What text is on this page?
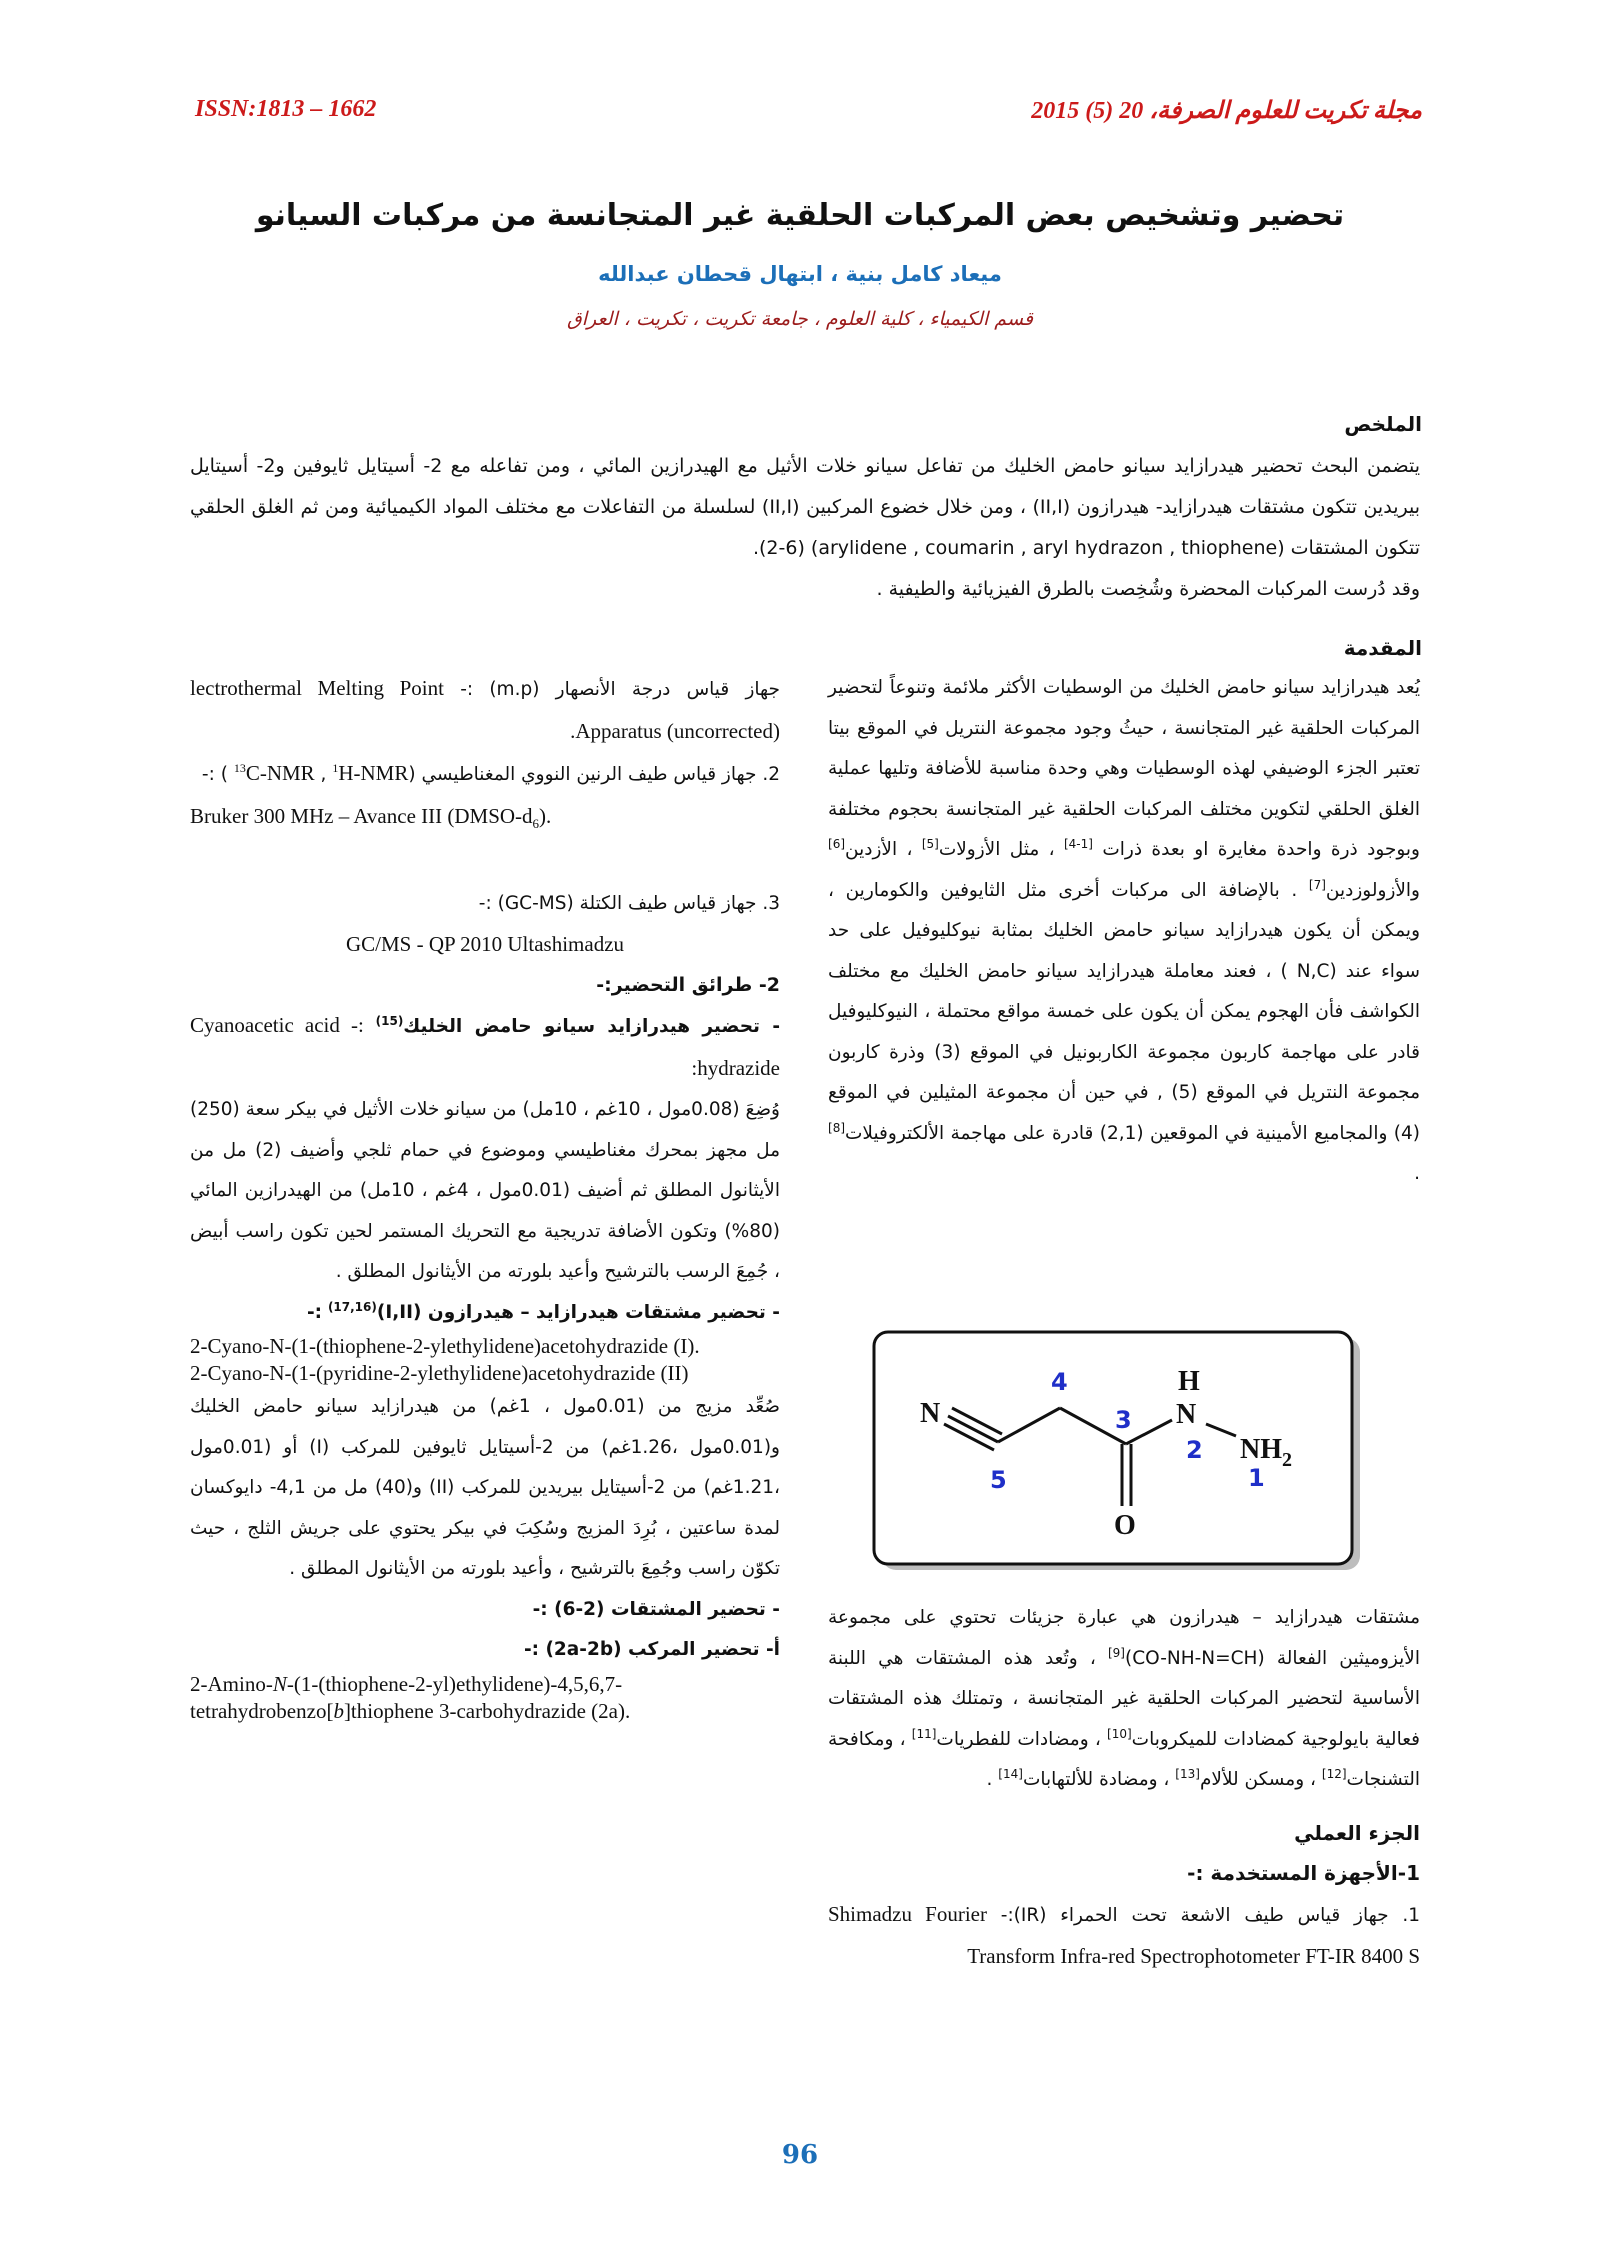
ISSN:1813 – 1662	مجلة تكريت للعلوم الصرفة، 20 (5) 2015
تحضير وتشخيص بعض المركبات الحلقية غير المتجانسة من مركبات السيانو
ميعاد كامل بنية ، ابتهال قحطان عبدالله
قسم الكيمياء ، كلية العلوم ، جامعة تكريت ، تكريت ، العراق
الملخص

يتضمن البحث تحضير هيدرازايد سيانو حامض الخليك من تفاعل سيانو خلات الأثيل مع الهيدرازين المائي ، ومن تفاعله مع 2- أسيتايل ثايوفين و2- أسيتايل بيريدين تتكون مشتقات هيدرازايد- هيدرازون (II,I) ، ومن خلال خضوع المركبين (II,I) لسلسلة من التفاعلات مع مختلف المواد الكيميائية ومن ثم الغلق الحلقي تتكون المشتقات (arylidene , coumarin , aryl hydrazon , thiophene) (2-6).

وقد دُرست المركبات المحضرة وشُخِصت بالطرق الفيزيائية والطيفية .

المقدمة

يُعد هيدرازايد سيانو حامض الخليك من الوسطيات الأكثر ملائمة وتنوعاً لتحضير المركبات الحلقية غير المتجانسة ، حيثُ وجود مجموعة النتريل في الموقع بيتا تعتبر الجزء الوضيفي لهذه الوسطيات وهي وحدة مناسبة للأضافة وتليها عملية الغلق الحلقي لتكوين مختلف المركبات الحلقية غير المتجانسة بحجوم مختلفة وبوجود ذرة واحدة مغايرة او بعدة ذرات [1-4] ، مثل الأزولات[5] ، الأزدين[6] والأزولوزدين[7] . بالإضافة الى مركبات أخرى مثل الثايوفين والكومارين ، ويمكن أن يكون هيدرازايد سيانو حامض الخليك بمثابة نيوكليوفيل على حد سواء عند (N,C ) ، فعند معاملة هيدرازايد سيانو حامض الخليك مع مختلف الكواشف فأن الهجوم يمكن أن يكون على خمسة مواقع محتملة ، النيوكليوفيل قادر على مهاجمة كاربون مجموعة الكاربونيل في الموقع (3) وذرة كاربون مجموعة النتريل في الموقع (5) , في حين أن مجموعة المثيلين في الموقع (4) والمجاميع الأمينية في الموقعين (2,1) قادرة على مهاجمة الألكتروفيلات[8] .

N
H
N
$NH_2$
O
1
2
3
4
5

مشتقات هيدرازايد – هيدرازون هي عبارة جزيئات تحتوي على مجموعة الأيزوميثين الفعالة (CO-NH-N=CH)[9] ، وتُعد هذه المشتقات هي اللبنة الأساسية لتحضير المركبات الحلقية غير المتجانسة ، وتمتلك هذه المشتقات فعالية بايولوجية كمضادات للميكروبات[10] ، ومضادات للفطريات[11] ، ومكافحة التشنجات[12] ، ومسكن للألام[13] ، ومضادة للألتهابات[14] .

الجزء العملي

1-الأجهزة المستخدمة :-

1. جهاز قياس طيف الاشعة تحت الحمراء (IR):- Shimadzu Fourier Transform Infra-red Spectrophotometer FT-IR 8400 S

جهاز قياس درجة الأنصهار (m.p) :- lectrothermal Melting Point Apparatus (uncorrected).

2. جهاز قياس طيف الرنين النووي المغناطيسي ($^1$H-NMR , $^{13}$C-NMR ) :-

Bruker 300 MHz – Avance III $(DMSO-d_6)$.

3. جهاز قياس طيف الكتلة (GC-MS) :-

GC/MS - QP 2010 Ultashimadzu

2- طرائق التحضير:-

- تحضير هيدرازايد سيانو حامض الخليك$^{(15)}$ :- Cyanoacetic acid hydrazide:

وُضِعَ (0.08مول ، 10غم ، 10مل) من سيانو خلات الأثيل في بيكر سعة (250) مل مجهز بمحرك مغناطيسي وموضوع في حمام ثلجي وأضيف (2) مل من الأيثانول المطلق ثم أضيف (0.01مول ، 4غم ، 10مل) من الهيدرازين المائي (80%) وتكون الأضافة تدريجية مع التحريك المستمر لحين تكون راسب أبيض ، جُمِعَ الرسب بالترشيح وأعيد بلورته من الأيثانول المطلق .

- تحضير مشتقات هيدرازايد – هيدرازون $(I,II)^{(17,16)}$ :-

2-Cyano-N-(1-(thiophene-2-ylethylidene)acetohydrazide (I).

2-Cyano-N-(1-(pyridine-2-ylethylidene)acetohydrazide (II)

صُعِّد مزيج من (0.01مول ، 1غم) من هيدرازايد سيانو حامض الخليك و(0.01مول ،1.26غم) من 2-أسيتايل ثايوفين للمركب (I) أو (0.01مول ،1.21غم) من 2-أسيتايل بيريدين للمركب (II) و(40) مل من 4,1- دايوكسان لمدة ساعتين ، بُرِدَ المزيج وسُكِبَ في بيكر يحتوي على جريش الثلج ، حيث تكوّن راسب وجُمِعَ بالترشيح ، وأعيد بلورته من الأيثانول المطلق .

- تحضير المشتقات (2-6) :-

أ- تحضير المركب (2a-2b) :-

2-Amino-N-(1-(thiophene-2-yl)ethylidene)-4,5,6,7-tetrahydrobenzo[b]thiophene 3-carbohydrazide (2a).

96
